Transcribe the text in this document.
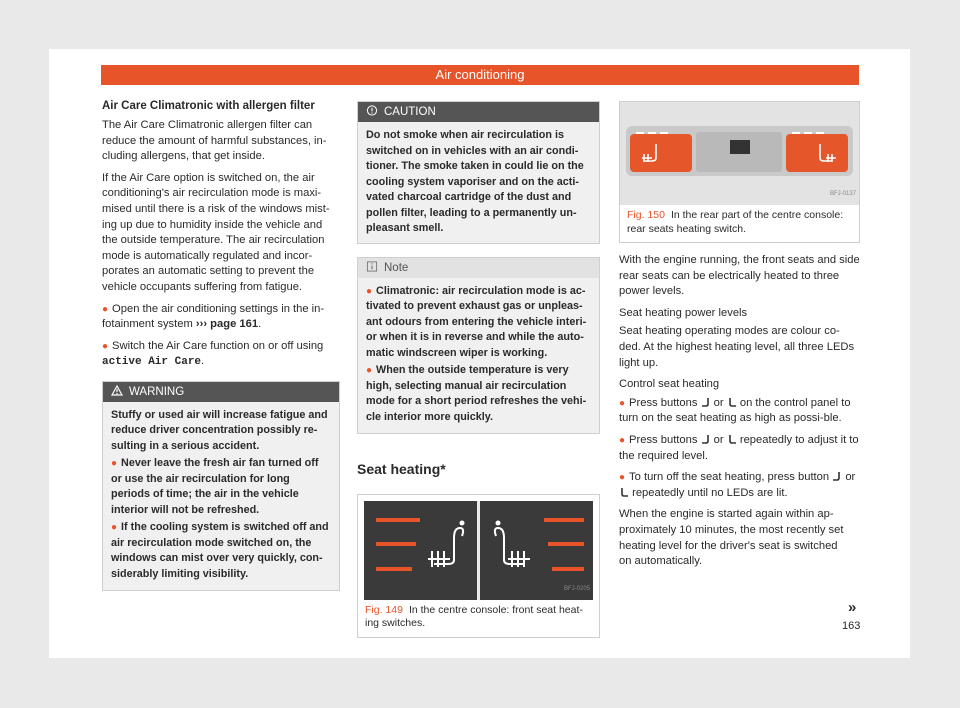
Air conditioning
Air Care Climatronic with allergen filter

The Air Care Climatronic allergen filter can reduce the amount of harmful substances, in-cluding allergens, that get inside.

If the Air Care option is switched on, the air conditioning's air recirculation mode is maxi-mised until there is a risk of the windows mist-ing up due to humidity inside the vehicle and the outside temperature. The air recirculation mode is automatically regulated and incor-porates an automatic setting to prevent the vehicle occupants suffering from fatigue.

● Open the air conditioning settings in the in-fotainment system ››› page 161.
● Switch the Air Care function on or off using active Air Care.
WARNING

Stuffy or used air will increase fatigue and reduce driver concentration possibly re-sulting in a serious accident.

● Never leave the fresh air fan turned off or use the air recirculation for long periods of time; the air in the vehicle interior will not be refreshed.
● If the cooling system is switched off and air recirculation mode switched on, the windows can mist over very quickly, con-siderably limiting visibility.
CAUTION
Do not smoke when air recirculation is switched on in vehicles with an air condi-tioner. The smoke taken in could lie on the cooling system vaporiser and on the acti-vated charcoal cartridge of the dust and pollen filter, leading to a permanently un-pleasant smell.
Note
● Climatronic: air recirculation mode is ac-tivated to prevent exhaust gas or unpleas-ant odours from entering the vehicle interi-or when it is in reverse and while the auto-matic windscreen wiper is working.
● When the outside temperature is very high, selecting manual air recirculation mode for a short period refreshes the vehi-cle interior more quickly.
Seat heating*
BFJ-0205
Fig. 149 In the centre console: front seat heat-ing switches.
BFJ-0137
Fig. 150 In the rear part of the centre console: rear seats heating switch.

With the engine running, the front seats and side rear seats can be electrically heated to three power levels.

Seat heating power levels

Seat heating operating modes are colour co-ded. At the highest heating level, all three LEDs light up.

Control seat heating

● Press buttons or on the control panel to turn on the seat heating as high as possi-ble.
● Press buttons or repeatedly to adjust it to the required level.
● To turn off the seat heating, press button or  repeatedly until no LEDs are lit.

When the engine is started again within ap-proximately 10 minutes, the most recently set heating level for the driver's seat is switched on automatically.

»
163
